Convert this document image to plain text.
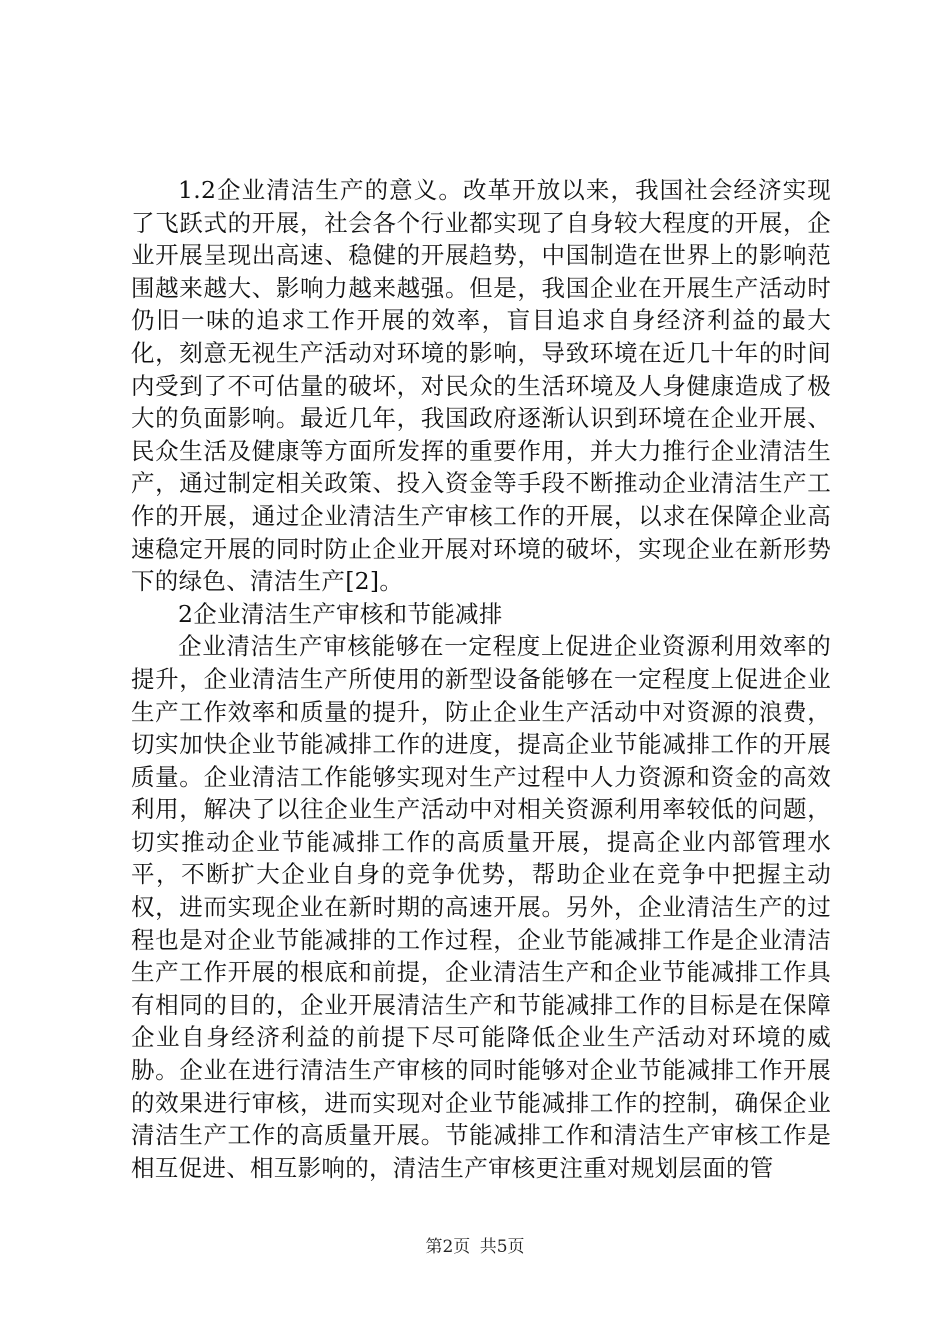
1.2企业清洁生产的意义。改革开放以来，我国社会经济实现了飞跃式的开展，社会各个行业都实现了自身较大程度的开展，企业开展呈现出高速、稳健的开展趋势，中国制造在世界上的影响范围越来越大、影响力越来越强。但是，我国企业在开展生产活动时仍旧一味的追求工作开展的效率，盲目追求自身经济利益的最大化，刻意无视生产活动对环境的影响，导致环境在近几十年的时间内受到了不可估量的破坏，对民众的生活环境及人身健康造成了极大的负面影响。最近几年，我国政府逐渐认识到环境在企业开展、民众生活及健康等方面所发挥的重要作用，并大力推行企业清洁生产，通过制定相关政策、投入资金等手段不断推动企业清洁生产工作的开展，通过企业清洁生产审核工作的开展，以求在保障企业高速稳定开展的同时防止企业开展对环境的破坏，实现企业在新形势下的绿色、清洁生产[2]。

2企业清洁生产审核和节能减排

企业清洁生产审核能够在一定程度上促进企业资源利用效率的提升，企业清洁生产所使用的新型设备能够在一定程度上促进企业生产工作效率和质量的提升，防止企业生产活动中对资源的浪费，切实加快企业节能减排工作的进度，提高企业节能减排工作的开展质量。企业清洁工作能够实现对生产过程中人力资源和资金的高效利用，解决了以往企业生产活动中对相关资源利用率较低的问题，切实推动企业节能减排工作的高质量开展，提高企业内部管理水平，不断扩大企业自身的竞争优势，帮助企业在竞争中把握主动权，进而实现企业在新时期的高速开展。另外，企业清洁生产的过程也是对企业节能减排的工作过程，企业节能减排工作是企业清洁生产工作开展的根底和前提，企业清洁生产和企业节能减排工作具有相同的目的，企业开展清洁生产和节能减排工作的目标是在保障企业自身经济利益的前提下尽可能降低企业生产活动对环境的威胁。企业在进行清洁生产审核的同时能够对企业节能减排工作开展的效果进行审核，进而实现对企业节能减排工作的控制，确保企业清洁生产工作的高质量开展。节能减排工作和清洁生产审核工作是相互促进、相互影响的，清洁生产审核更注重对规划层面的管

第2页 共5页
